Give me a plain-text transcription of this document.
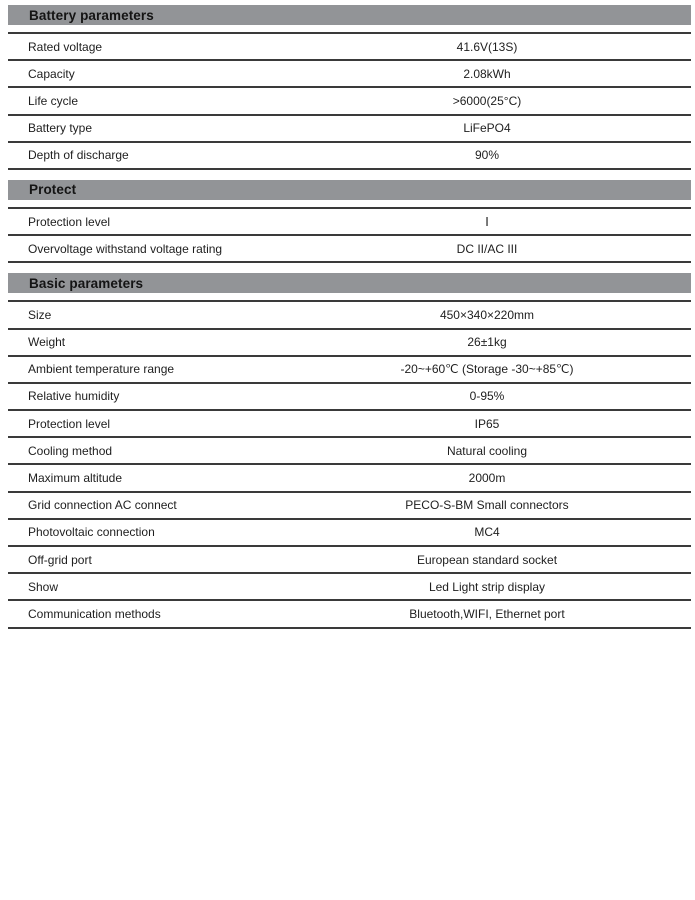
Battery parameters
Rated voltage	41.6V(13S)
Capacity	2.08kWh
Life cycle	>6000(25°C)
Battery type	LiFePO4
Depth of discharge	90%
Protect
Protection level	Ⅰ
Overvoltage withstand voltage rating	DC II/AC III
Basic parameters
Size	450×340×220mm
Weight	26±1kg
Ambient temperature range	-20~+60℃ (Storage -30~+85℃)
Relative humidity	0-95%
Protection level	IP65
Cooling method	Natural cooling
Maximum altitude	2000m
Grid connection AC connect	PECO-S-BM Small connectors
Photovoltaic connection	MC4
Off-grid port	European standard socket
Show	Led Light strip display
Communication methods	Bluetooth,WIFI, Ethernet port
